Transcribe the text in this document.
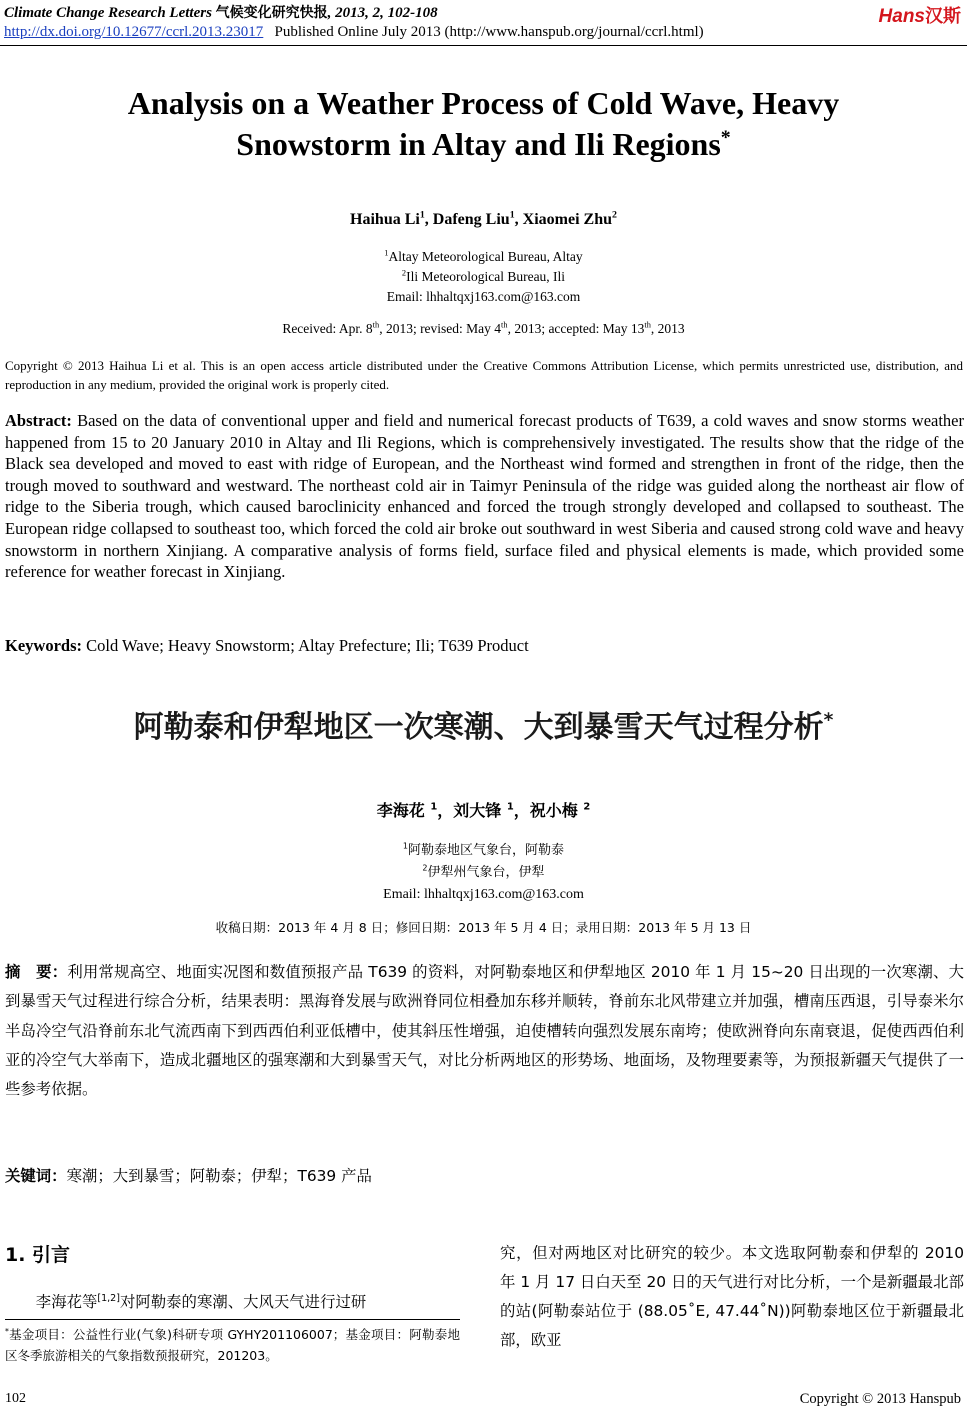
Climate Change Research Letters 气候变化研究快报, 2013, 2, 102-108
http://dx.doi.org/10.12677/ccrl.2013.23017 Published Online July 2013 (http://www.hanspub.org/journal/ccrl.html)
Hans汉斯
Analysis on a Weather Process of Cold Wave, Heavy
Snowstorm in Altay and Ili Regions*
Haihua Li$^1$, Dafeng Liu$^1$, Xiaomei Zhu$^2$
$^1$Altay Meteorological Bureau, Altay
$^2$Ili Meteorological Bureau, Ili
Email: lhhaltqxj163.com@163.com
Received: Apr. 8th, 2013; revised: May 4th, 2013; accepted: May 13th, 2013
Copyright © 2013 Haihua Li et al. This is an open access article distributed under the Creative Commons Attribution License, which permits unrestricted use, distribution, and reproduction in any medium, provided the original work is properly cited.
Abstract: Based on the data of conventional upper and field and numerical forecast products of T639, a cold waves and snow storms weather happened from 15 to 20 January 2010 in Altay and Ili Regions, which is comprehensively investigated. The results show that the ridge of the Black sea developed and moved to east with ridge of European, and the Northeast wind formed and strengthen in front of the ridge, then the trough moved to southward and westward. The northeast cold air in Taimyr Peninsula of the ridge was guided along the northeast air flow of ridge to the Siberia trough, which caused baroclinicity enhanced and forced the trough strongly developed and collapsed to southeast. The European ridge collapsed to southeast too, which forced the cold air broke out southward in west Siberia and caused strong cold wave and heavy snowstorm in northern Xinjiang. A comparative analysis of forms field, surface filed and physical elements is made, which provided some reference for weather forecast in Xinjiang.
Keywords: Cold Wave; Heavy Snowstorm; Altay Prefecture; Ili; T639 Product
阿勒泰和伊犁地区一次寒潮、大到暴雪天气过程分析*
李海花 $^1$，刘大锋 $^1$，祝小梅 $^2$
$^1$阿勒泰地区气象台，阿勒泰
$^2$伊犁州气象台，伊犁
Email: lhhaltqxj163.com@163.com
收稿日期：2013 年 4 月 8 日；修回日期：2013 年 5 月 4 日；录用日期：2013 年 5 月 13 日
摘　要：利用常规高空、地面实况图和数值预报产品 T639 的资料，对阿勒泰地区和伊犁地区 2010 年 1 月 15~20 日出现的一次寒潮、大到暴雪天气过程进行综合分析，结果表明：黑海脊发展与欧洲脊同位相叠加东移并顺转，脊前东北风带建立并加强，槽南压西退，引导泰米尔半岛冷空气沿脊前东北气流西南下到西西伯利亚低槽中，使其斜压性增强，迫使槽转向强烈发展东南垮；使欧洲脊向东南衰退，促使西西伯利亚的冷空气大举南下，造成北疆地区的强寒潮和大到暴雪天气，对比分析两地区的形势场、地面场，及物理要素等，为预报新疆天气提供了一些参考依据。
关键词：寒潮；大到暴雪；阿勒泰；伊犁；T639 产品
1. 引言
李海花等[1,2]对阿勒泰的寒潮、大风天气进行过研
*基金项目：公益性行业(气象)科研专项 GYHY201106007；基金项目：阿勒泰地区冬季旅游相关的气象指数预报研究，201203。
究，但对两地区对比研究的较少。本文选取阿勒泰和伊犁的 2010 年 1 月 17 日白天至 20 日的天气进行对比分析，一个是新疆最北部的站(阿勒泰站位于 (88.05˚E, 47.44˚N))阿勒泰地区位于新疆最北部，欧亚
102	Copyright © 2013 Hanspub
